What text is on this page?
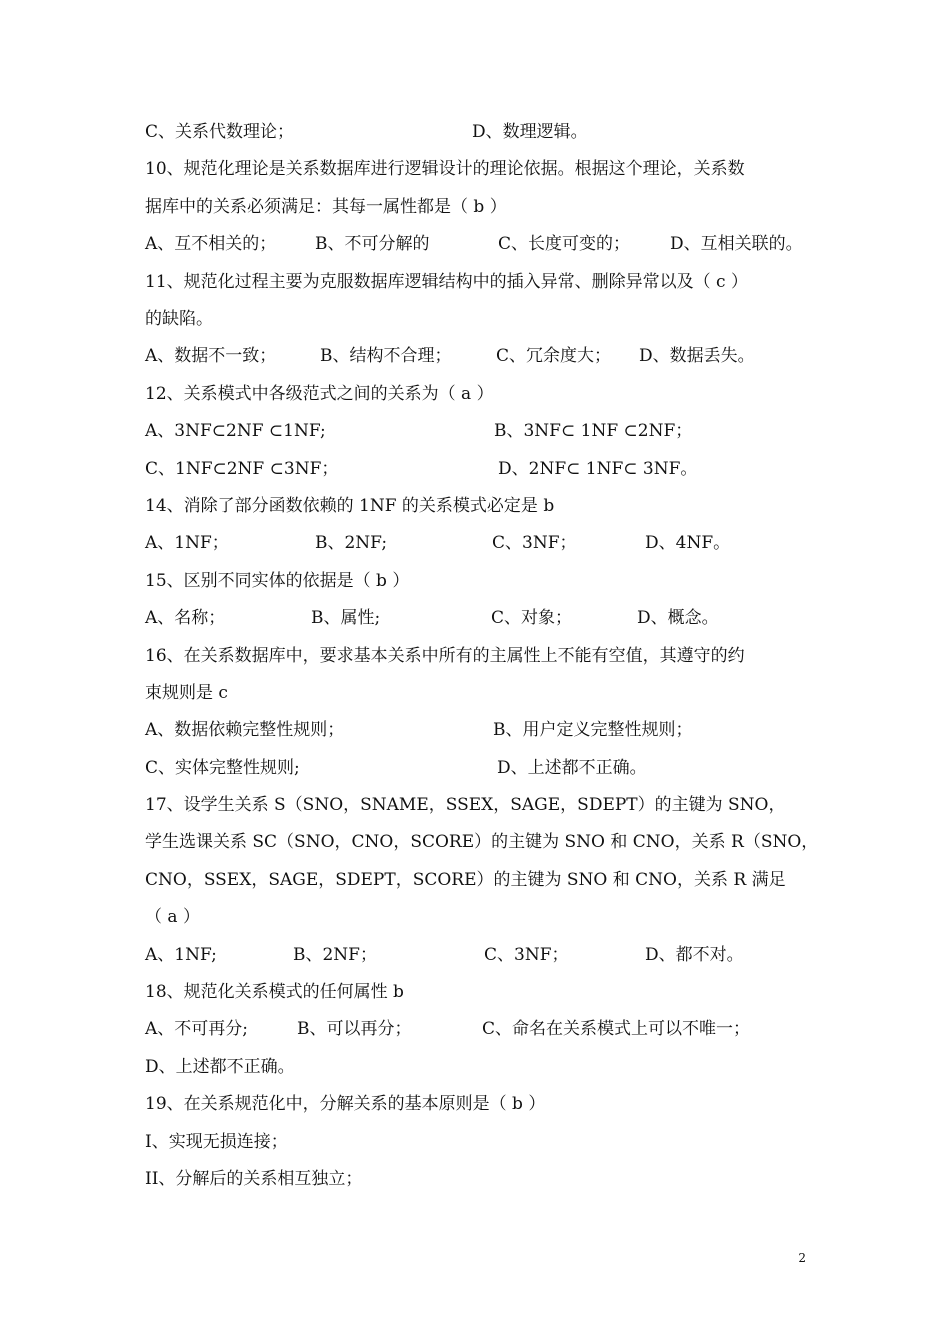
C、关系代数理论；	D、数理逻辑。
10、规范化理论是关系数据库进行逻辑设计的理论依据。根据这个理论，关系数
据库中的关系必须满足：其每一属性都是（ b ）
A、互不相关的； B、不可分解的	C、长度可变的； D、互相关联的。
11、规范化过程主要为克服数据库逻辑结构中的插入异常、删除异常以及（ c ）
的缺陷。
A、数据不一致；	B、结构不合理；	C、冗余度大； D、数据丢失。
12、关系模式中各级范式之间的关系为（ a ）
A、3NF⊂2NF ⊂1NF;	B、3NF⊂ 1NF ⊂2NF；
C、1NF⊂2NF ⊂3NF；	D、2NF⊂ 1NF⊂ 3NF。
14、消除了部分函数依赖的 1NF 的关系模式必定是 b
A、1NF；	B、2NF;	C、3NF；	D、4NF。
15、区别不同实体的依据是（ b ）
A、名称；	B、属性;	C、对象；	D、概念。
16、在关系数据库中，要求基本关系中所有的主属性上不能有空值，其遵守的约
束规则是 c
A、数据依赖完整性规则；	B、用户定义完整性规则；
C、实体完整性规则;	D、上述都不正确。
17、设学生关系 S（SNO，SNAME，SSEX，SAGE，SDEPT）的主键为 SNO，
学生选课关系 SC（SNO，CNO，SCORE）的主键为 SNO 和 CNO，关系 R（SNO，
CNO，SSEX，SAGE，SDEPT，SCORE）的主键为 SNO 和 CNO，关系 R 满足
（ a ）
A、1NF;	B、2NF；	C、3NF；	D、都不对。
18、规范化关系模式的任何属性 b
A、不可再分;	B、可以再分；	C、命名在关系模式上可以不唯一；
D、上述都不正确。
19、在关系规范化中，分解关系的基本原则是（ b ）
I、实现无损连接；
II、分解后的关系相互独立；
2
